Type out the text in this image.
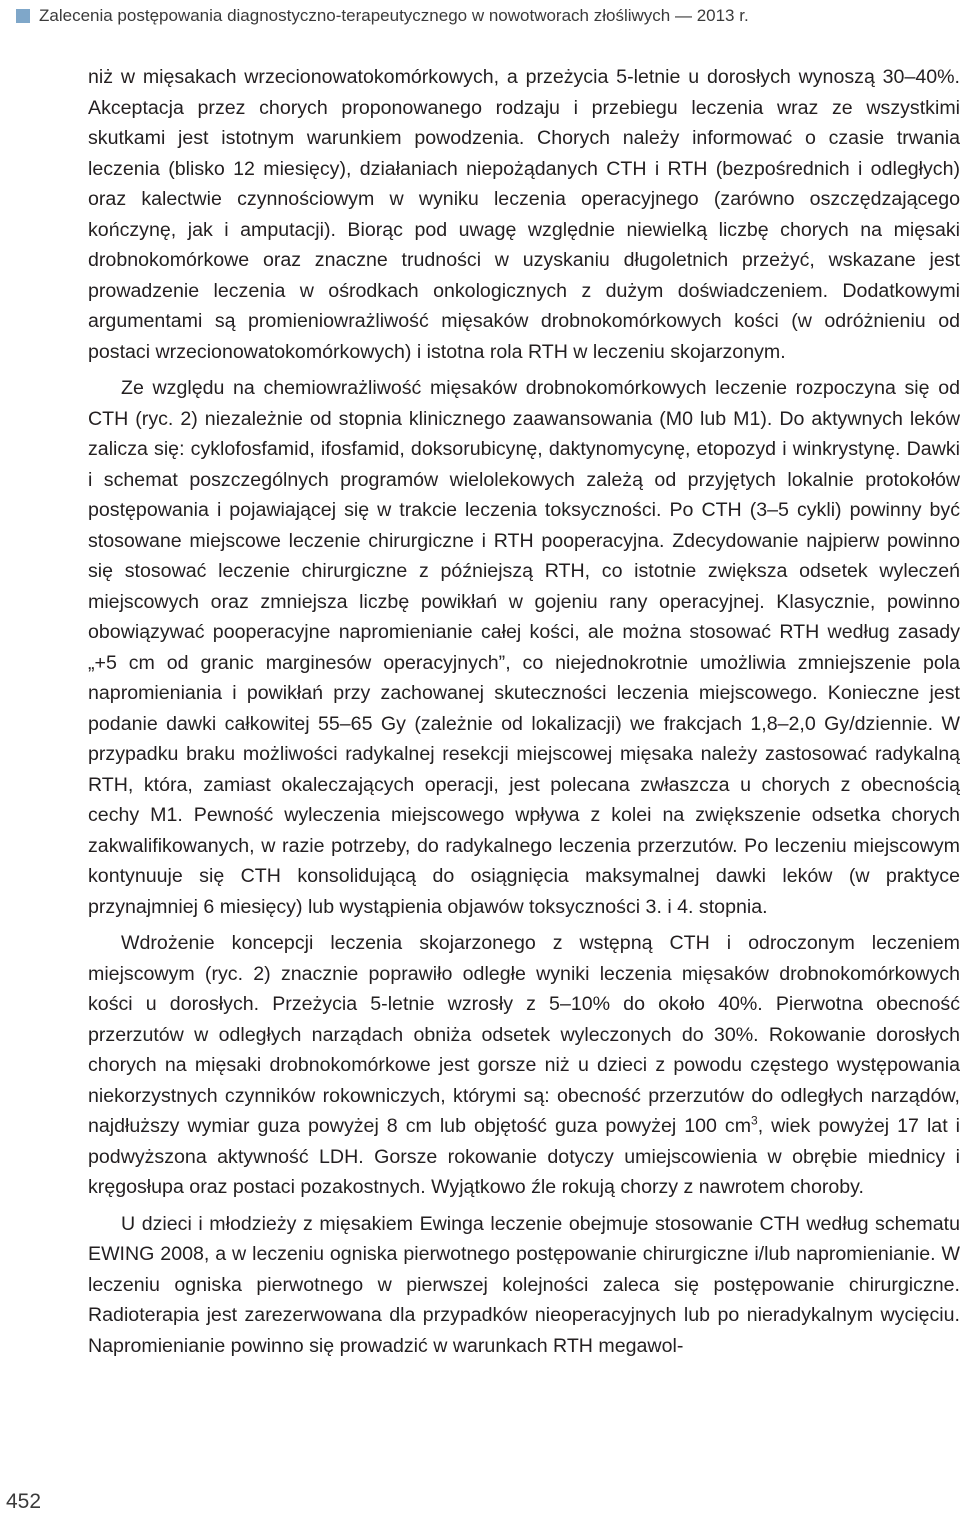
Zalecenia postępowania diagnostyczno-terapeutycznego w nowotworach złośliwych — 2013 r.

niż w mięsakach wrzecionowatokomórkowych, a przeżycia 5-letnie u dorosłych wynoszą 30–40%. Akceptacja przez chorych proponowanego rodzaju i przebiegu leczenia wraz ze wszystkimi skutkami jest istotnym warunkiem powodzenia. Chorych należy informować o czasie trwania leczenia (blisko 12 miesięcy), działaniach niepożądanych CTH i RTH (bezpośrednich i odległych) oraz kalectwie czynnościowym w wyniku leczenia operacyjnego (zarówno oszczędzającego kończynę, jak i amputacji). Biorąc pod uwagę względnie niewielką liczbę chorych na mięsaki drobnokomórkowe oraz znaczne trudności w uzyskaniu długoletnich przeżyć, wskazane jest prowadzenie leczenia w ośrodkach onkologicznych z dużym doświadczeniem. Dodatkowymi argumentami są promieniowrażliwość mięsaków drobnokomórkowych kości (w odróżnieniu od postaci wrzecionowatokomórkowych) i istotna rola RTH w leczeniu skojarzonym.

Ze względu na chemiowrażliwość mięsaków drobnokomórkowych leczenie rozpoczyna się od CTH (ryc. 2) niezależnie od stopnia klinicznego zaawansowania (M0 lub M1). Do aktywnych leków zalicza się: cyklofosfamid, ifosfamid, doksorubicynę, daktynomycynę, etopozyd i winkrystynę. Dawki i schemat poszczególnych programów wielolekowych zależą od przyjętych lokalnie protokołów postępowania i pojawiającej się w trakcie leczenia toksyczności. Po CTH (3–5 cykli) powinny być stosowane miejscowe leczenie chirurgiczne i RTH pooperacyjna. Zdecydowanie najpierw powinno się stosować leczenie chirurgiczne z późniejszą RTH, co istotnie zwiększa odsetek wyleczeń miejscowych oraz zmniejsza liczbę powikłań w gojeniu rany operacyjnej. Klasycznie, powinno obowiązywać pooperacyjne napromienianie całej kości, ale można stosować RTH według zasady „+5 cm od granic marginesów operacyjnych”, co niejednokrotnie umożliwia zmniejszenie pola napromieniania i powikłań przy zachowanej skuteczności leczenia miejscowego. Konieczne jest podanie dawki całkowitej 55–65 Gy (zależnie od lokalizacji) we frakcjach 1,8–2,0 Gy/dziennie. W przypadku braku możliwości radykalnej resekcji miejscowej mięsaka należy zastosować radykalną RTH, która, zamiast okaleczających operacji, jest polecana zwłaszcza u chorych z obecnością cechy M1. Pewność wyleczenia miejscowego wpływa z kolei na zwiększenie odsetka chorych zakwalifikowanych, w razie potrzeby, do radykalnego leczenia przerzutów. Po leczeniu miejscowym kontynuuje się CTH konsolidującą do osiągnięcia maksymalnej dawki leków (w praktyce przynajmniej 6 miesięcy) lub wystąpienia objawów toksyczności 3. i 4. stopnia.

Wdrożenie koncepcji leczenia skojarzonego z wstępną CTH i odroczonym leczeniem miejscowym (ryc. 2) znacznie poprawiło odległe wyniki leczenia mięsaków drobnokomórkowych kości u dorosłych. Przeżycia 5-letnie wzrosły z 5–10% do około 40%. Pierwotna obecność przerzutów w odległych narządach obniża odsetek wyleczonych do 30%. Rokowanie dorosłych chorych na mięsaki drobnokomórkowe jest gorsze niż u dzieci z powodu częstego występowania niekorzystnych czynników rokowniczych, którymi są: obecność przerzutów do odległych narządów, najdłuższy wymiar guza powyżej 8 cm lub objętość guza powyżej 100 $cm^3$, wiek powyżej 17 lat i podwyższona aktywność LDH. Gorsze rokowanie dotyczy umiejscowienia w obrębie miednicy i kręgosłupa oraz postaci pozakostnych. Wyjątkowo źle rokują chorzy z nawrotem choroby.

U dzieci i młodzieży z mięsakiem Ewinga leczenie obejmuje stosowanie CTH według schematu EWING 2008, a w leczeniu ogniska pierwotnego postępowanie chirurgiczne i/lub napromienianie. W leczeniu ogniska pierwotnego w pierwszej kolejności zaleca się postępowanie chirurgiczne. Radioterapia jest zarezerwowana dla przypadków nieoperacyjnych lub po nieradykalnym wycięciu. Napromienianie powinno się prowadzić w warunkach RTH megawol-

452
